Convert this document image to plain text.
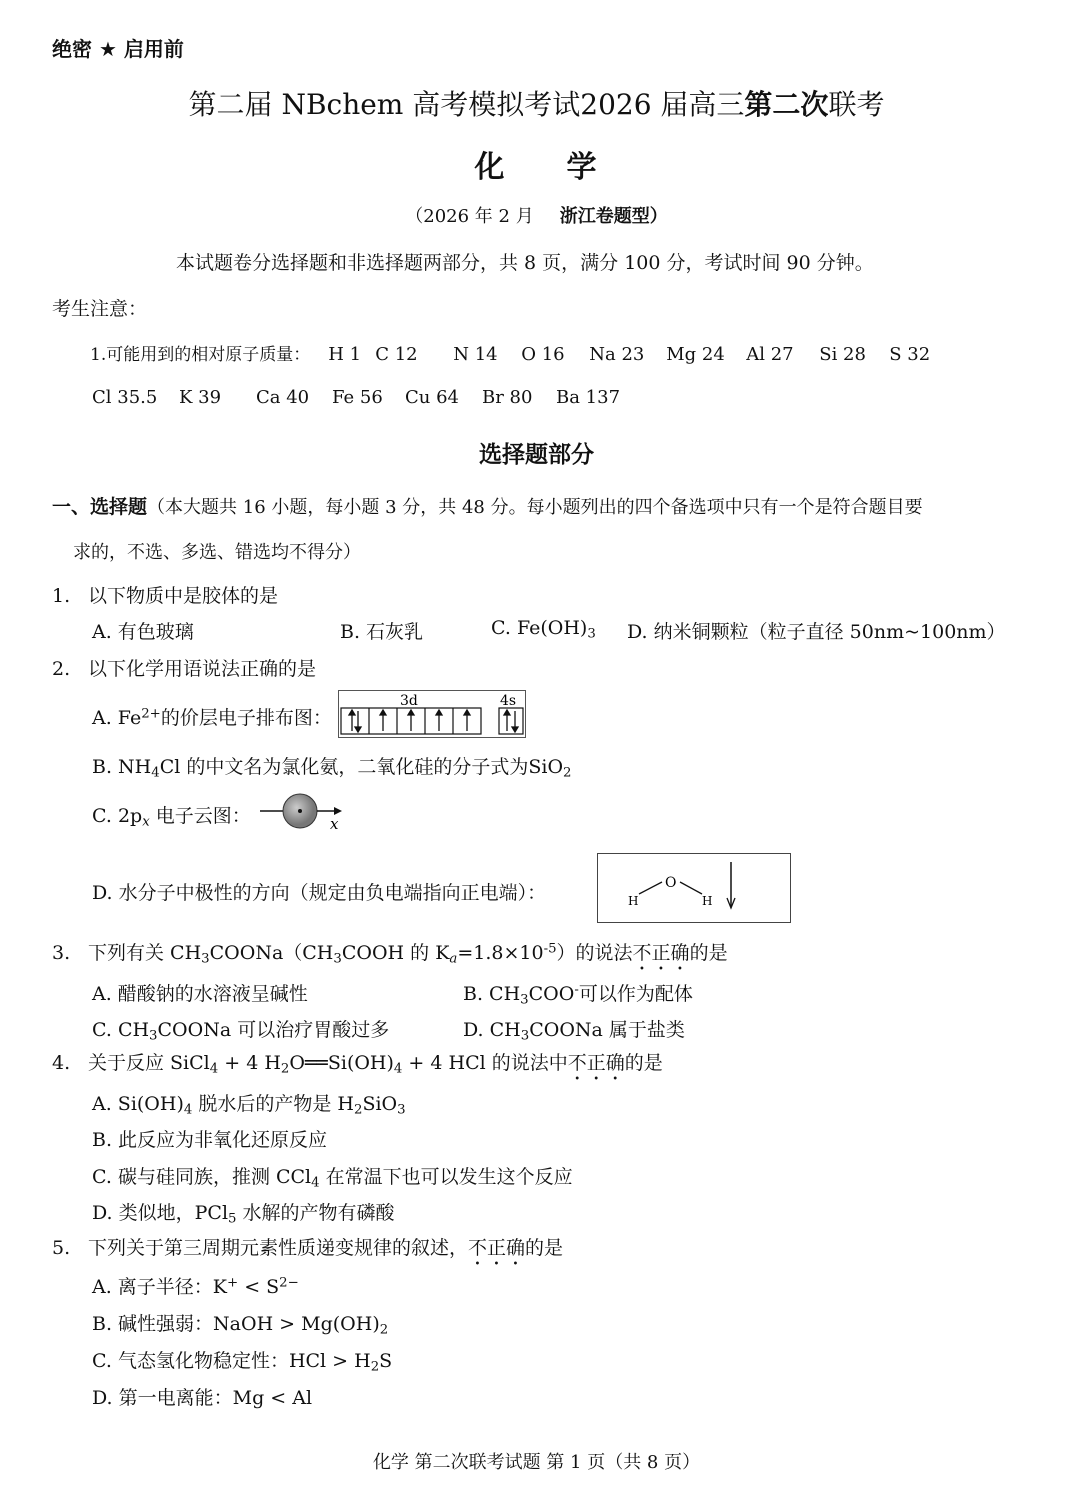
绝密 ★ 启用前
第二届 NBchem 高考模拟考试2026 届高三第二次联考
化 学
（2026 年 2 月 浙江卷题型）
本试题卷分选择题和非选择题两部分，共 8 页，满分 100 分，考试时间 90 分钟。
考生注意：
1.可能用到的相对原子质量： H 1 C 12 N 14 O 16 Na 23 Mg 24 Al 27 Si 28 S 32
Cl 35.5 K 39 Ca 40 Fe 56 Cu 64 Br 80 Ba 137
选择题部分
一、选择题（本大题共 16 小题，每小题 3 分，共 48 分。每小题列出的四个备选项中只有一个是符合题目要
求的，不选、多选、错选均不得分）
1. 以下物质中是胶体的是
A. 有色玻璃	B. 石灰乳	C. $Fe(OH)_3$ D. 纳米铜颗粒（粒子直径 50nm~100nm）
2. 以下化学用语说法正确的是
A. $Fe^{2+}$的价层电子排布图：
3d	4s
B. $NH_4Cl$ 的中文名为氯化氨，二氧化硅的分子式为SiO$_2$
C. $2p_x$ 电子云图：	x
D. 水分子中极性的方向（规定由负电端指向正电端）：	H
O
H
3. 下列有关 $CH_3COONa(CH_3COOH$ 的 $K_a=1.8\times 10^{-5}$）的说法不正确的是
A. 醋酸钠的水溶液呈碱性	B. $CH_3COO^-$可以作为配体
C. $CH_3COONa$ 可以治疗胃酸过多	D. $CH_3COONa$ 属于盐类
4. 关于反应 SiCl$_4$ + 4 $H_2O══Si(OH)_4 + 4$ HCl 的说法中不正确的是
A. $Si(OH)_4$ 脱水后的产物是 $H_2SiO_3$
B. 此反应为非氧化还原反应
C. 碳与硅同族，推测 CCl$_4$ 在常温下也可以发生这个反应
D. 类似地，PCl$_5$ 水解的产物有磷酸
5. 下列关于第三周期元素性质递变规律的叙述，不正确的是
A. 离子半径：$K^+ < S^{2-}$
B. 碱性强弱：NaOH > $Mg(OH)_2$
C. 气态氢化物稳定性：HCl > $H_2S$
D. 第一电离能：Mg < Al
化学 第二次联考试题 第 1 页（共 8 页）
